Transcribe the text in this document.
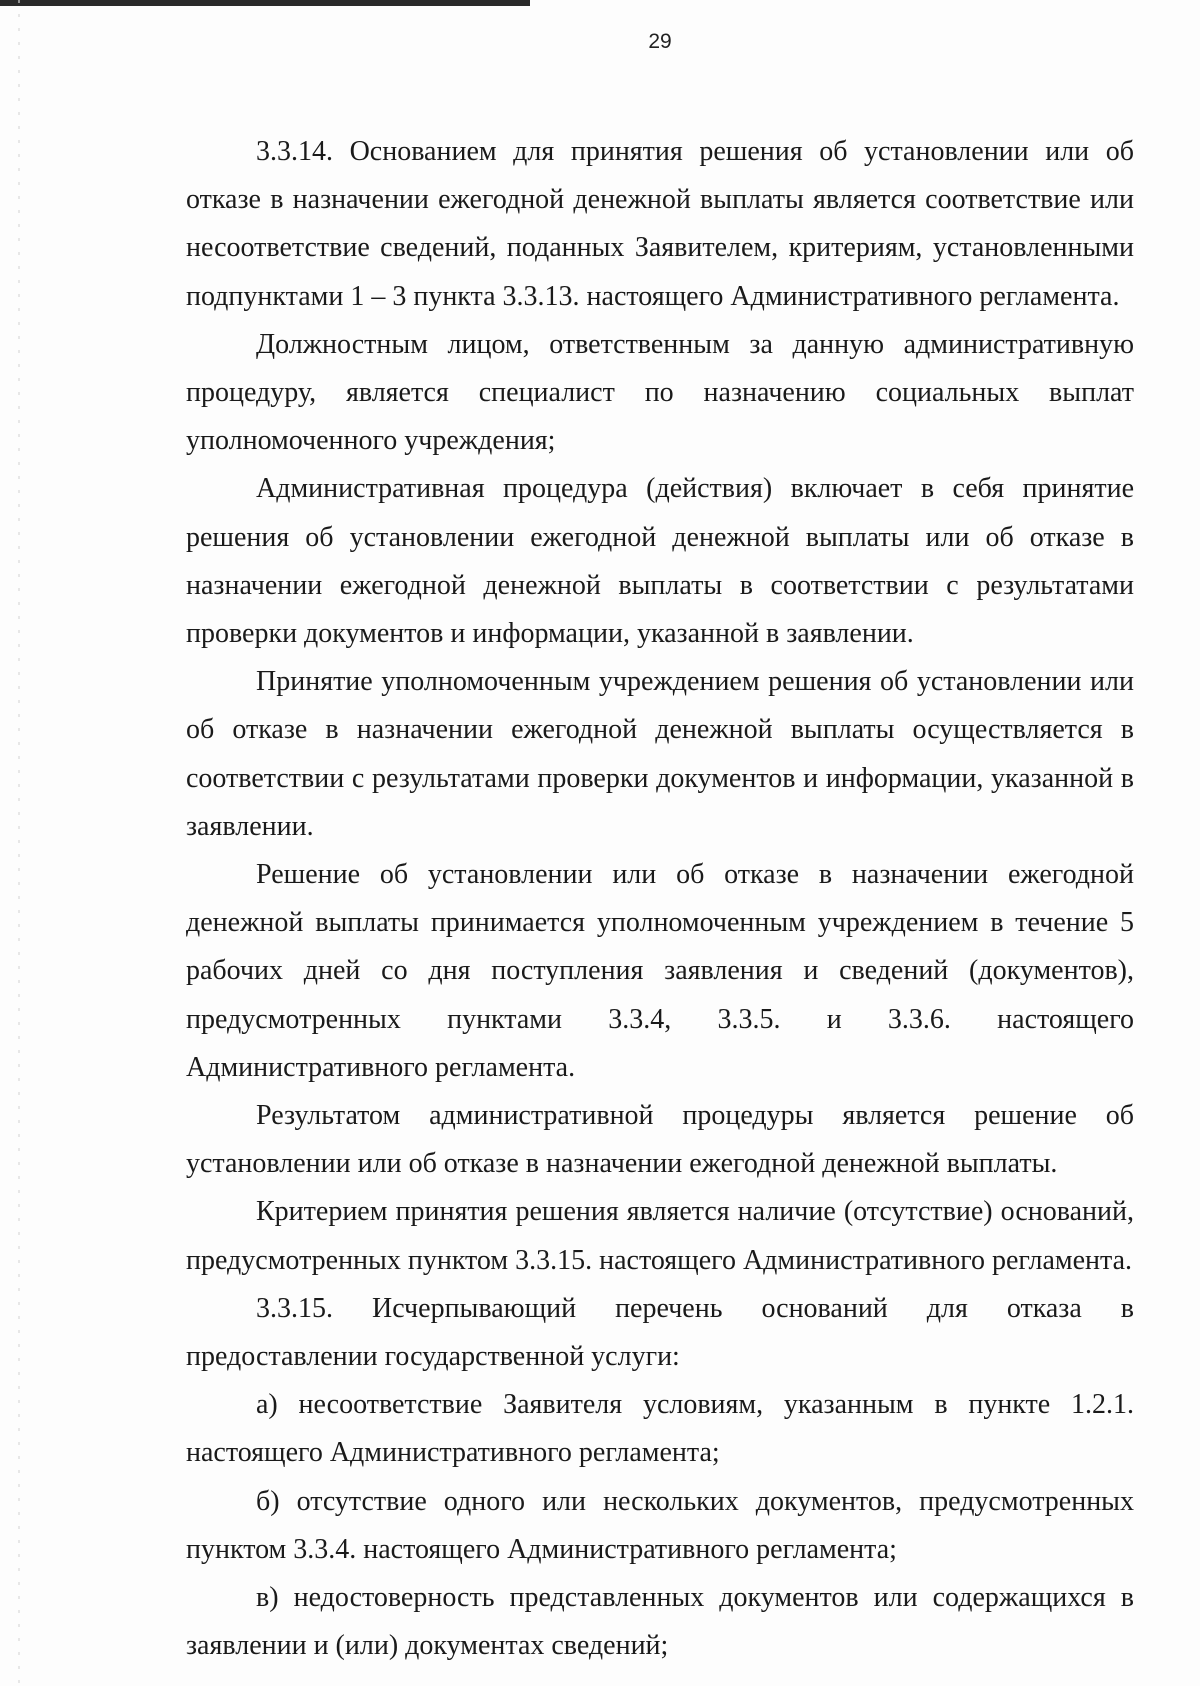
29

3.3.14. Основанием для принятия решения об установлении или об отказе в назначении ежегодной денежной выплаты является соответствие или несоответствие сведений, поданных Заявителем, критериям, установленными подпунктами 1 – 3 пункта 3.3.13. настоящего Административного регламента.

Должностным лицом, ответственным за данную административную процедуру, является специалист по назначению социальных выплат уполномоченного учреждения;

Административная процедура (действия) включает в себя принятие решения об установлении ежегодной денежной выплаты или об отказе в назначении ежегодной денежной выплаты в соответствии с результатами проверки документов и информации, указанной в заявлении.

Принятие уполномоченным учреждением решения об установлении или об отказе в назначении ежегодной денежной выплаты осуществляется в соответствии с результатами проверки документов и информации, указанной в заявлении.

Решение об установлении или об отказе в назначении ежегодной денежной выплаты принимается уполномоченным учреждением в течение 5 рабочих дней со дня поступления заявления и сведений (документов), предусмотренных пунктами 3.3.4, 3.3.5. и 3.3.6. настоящего Административного регламента.

Результатом административной процедуры является решение об установлении или об отказе в назначении ежегодной денежной выплаты.

Критерием принятия решения является наличие (отсутствие) оснований, предусмотренных пунктом 3.3.15. настоящего Административного регламента.

3.3.15. Исчерпывающий перечень оснований для отказа в предоставлении государственной услуги:

а) несоответствие Заявителя условиям, указанным в пункте 1.2.1. настоящего Административного регламента;

б) отсутствие одного или нескольких документов, предусмотренных пунктом 3.3.4. настоящего Административного регламента;

в) недостоверность представленных документов или содержащихся в заявлении и (или) документах сведений;
